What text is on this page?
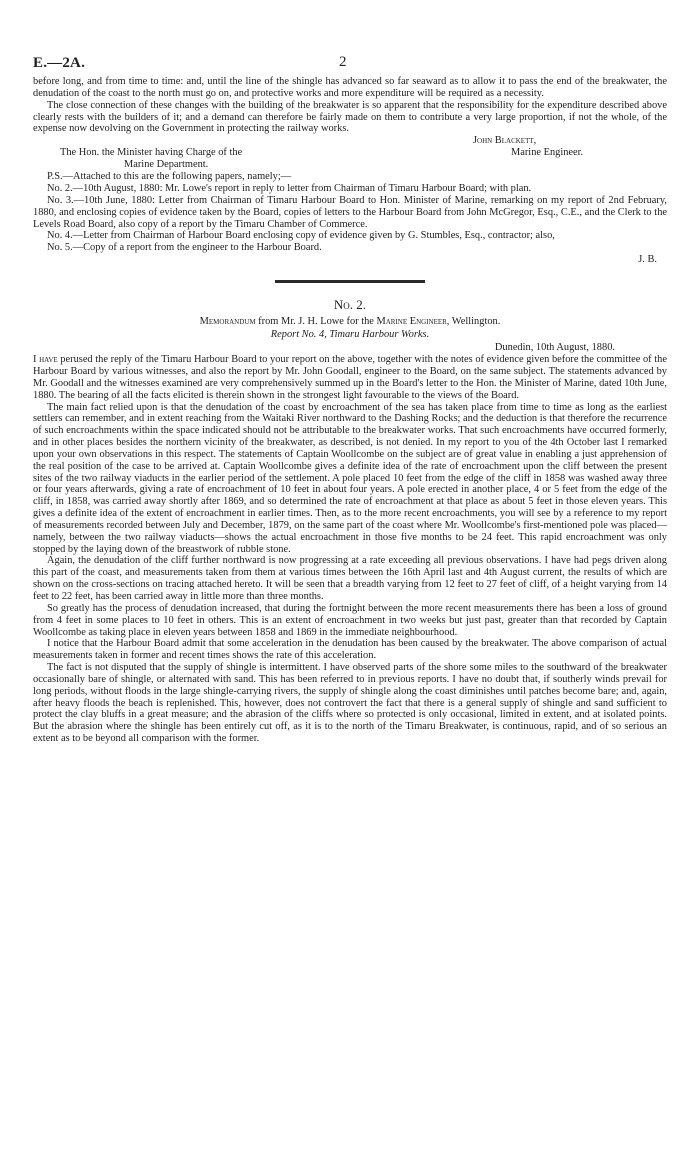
E.—2A.	2

before long, and from time to time: and, until the line of the shingle has advanced so far seaward as to allow it to pass the end of the breakwater, the denudation of the coast to the north must go on, and protective works and more expenditure will be required as a necessity.

The close connection of these changes with the building of the breakwater is so apparent that the responsibility for the expenditure described above clearly rests with the builders of it; and a demand can therefore be fairly made on them to contribute a very large proportion, if not the whole, of the expense now devolving on the Government in protecting the railway works.

John Blackett,
The Hon. the Minister having Charge of the	Marine Engineer.
Marine Department.

P.S.—Attached to this are the following papers, namely;—

No. 2.—10th August, 1880: Mr. Lowe's report in reply to letter from Chairman of Timaru Harbour Board; with plan.

No. 3.—10th June, 1880: Letter from Chairman of Timaru Harbour Board to Hon. Minister of Marine, remarking on my report of 2nd February, 1880, and enclosing copies of evidence taken by the Board, copies of letters to the Harbour Board from John McGregor, Esq., C.E., and the Clerk to the Levels Road Board, also copy of a report by the Timaru Chamber of Commerce.

No. 4.—Letter from Chairman of Harbour Board enclosing copy of evidence given by G. Stumbles, Esq., contractor; also,

No. 5.—Copy of a report from the engineer to the Harbour Board.

J. B.
No. 2.
Memorandum from Mr. J. H. Lowe for the Marine Engineer, Wellington.
Report No. 4, Timaru Harbour Works.
Dunedin, 10th August, 1880.

I have perused the reply of the Timaru Harbour Board to your report on the above, together with the notes of evidence given before the committee of the Harbour Board by various witnesses, and also the report by Mr. John Goodall, engineer to the Board, on the same subject. The statements advanced by Mr. Goodall and the witnesses examined are very comprehensively summed up in the Board's letter to the Hon. the Minister of Marine, dated 10th June, 1880. The bearing of all the facts elicited is therein shown in the strongest light favourable to the views of the Board.

The main fact relied upon is that the denudation of the coast by encroachment of the sea has taken place from time to time as long as the earliest settlers can remember, and in extent reaching from the Waitaki River northward to the Dashing Rocks; and the deduction is that therefore the recurrence of such encroachments within the space indicated should not be attributable to the breakwater works. That such encroachments have occurred formerly, and in other places besides the northern vicinity of the breakwater, as described, is not denied. In my report to you of the 4th October last I remarked upon your own observations in this respect. The statements of Captain Woollcombe on the subject are of great value in enabling a just apprehension of the real position of the case to be arrived at. Captain Woollcombe gives a definite idea of the rate of encroachment upon the cliff between the present sites of the two railway viaducts in the earlier period of the settlement. A pole placed 10 feet from the edge of the cliff in 1858 was washed away three or four years afterwards, giving a rate of encroachment of 10 feet in about four years. A pole erected in another place, 4 or 5 feet from the edge of the cliff, in 1858, was carried away shortly after 1869, and so determined the rate of encroachment at that place as about 5 feet in those eleven years. This gives a definite idea of the extent of encroachment in earlier times. Then, as to the more recent encroachments, you will see by a reference to my report of measurements recorded between July and December, 1879, on the same part of the coast where Mr. Woollcombe's first-mentioned pole was placed—namely, between the two railway viaducts—shows the actual encroachment in those five months to be 24 feet. This rapid encroachment was only stopped by the laying down of the breastwork of rubble stone.

Again, the denudation of the cliff further northward is now progressing at a rate exceeding all previous observations. I have had pegs driven along this part of the coast, and measurements taken from them at various times between the 16th April last and 4th August current, the results of which are shown on the cross-sections on tracing attached hereto. It will be seen that a breadth varying from 12 feet to 27 feet of cliff, of a height varying from 14 feet to 22 feet, has been carried away in little more than three months.

So greatly has the process of denudation increased, that during the fortnight between the more recent measurements there has been a loss of ground from 4 feet in some places to 10 feet in others. This is an extent of encroachment in two weeks but just past, greater than that recorded by Captain Woollcombe as taking place in eleven years between 1858 and 1869 in the immediate neighbourhood.

I notice that the Harbour Board admit that some acceleration in the denudation has been caused by the breakwater. The above comparison of actual measurements taken in former and recent times shows the rate of this acceleration.

The fact is not disputed that the supply of shingle is intermittent. I have observed parts of the shore some miles to the southward of the breakwater occasionally bare of shingle, or alternated with sand. This has been referred to in previous reports. I have no doubt that, if southerly winds prevail for long periods, without floods in the large shingle-carrying rivers, the supply of shingle along the coast diminishes until patches become bare; and, again, after heavy floods the beach is replenished. This, however, does not controvert the fact that there is a general supply of shingle and sand sufficient to protect the clay bluffs in a great measure; and the abrasion of the cliffs where so protected is only occasional, limited in extent, and at isolated points. But the abrasion where the shingle has been entirely cut off, as it is to the north of the Timaru Breakwater, is continuous, rapid, and of so serious an extent as to be beyond all comparison with the former.
